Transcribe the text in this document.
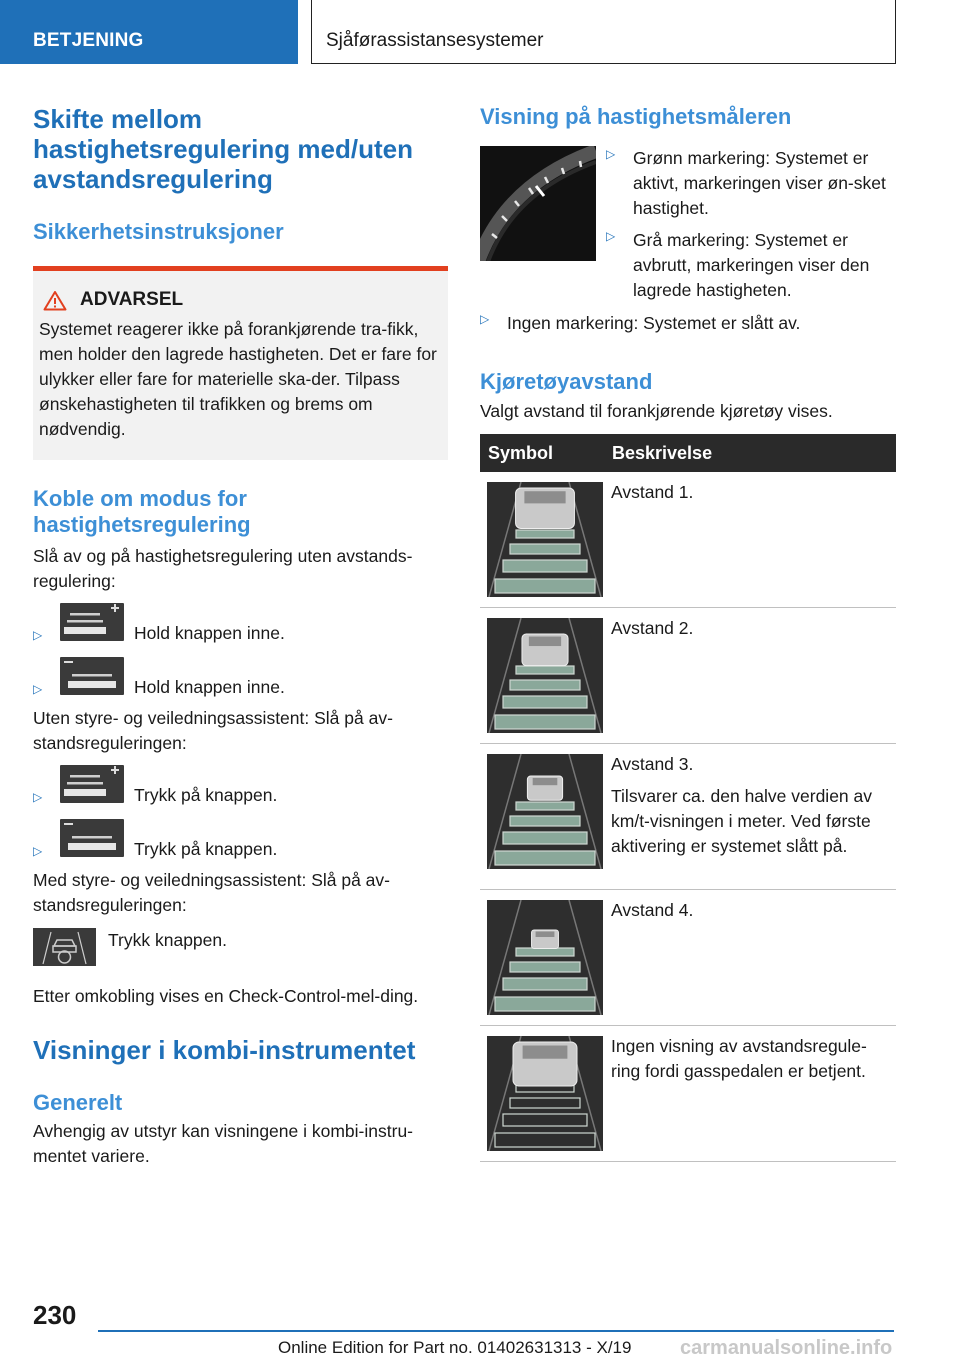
BETJENING	Sjåførassistansesystemer
Skifte mellom hastighetsregulering med/uten avstandsregulering
Sikkerhetsinstruksjoner
ADVARSEL
Systemet reagerer ikke på forankjørende tra-fikk, men holder den lagrede hastigheten. Det er fare for ulykker eller fare for materielle ska-der. Tilpass ønskehastigheten til trafikken og brems om nødvendig.
Koble om modus for hastighetsregulering
Slå av og på hastighetsregulering uten avstands-regulering:
▷	Hold knappen inne.
▷	Hold knappen inne.
Uten styre- og veiledningsassistent: Slå på av-standsreguleringen:
▷	Trykk på knappen.
▷	Trykk på knappen.
Med styre- og veiledningsassistent: Slå på av-standsreguleringen:
Trykk knappen.
Etter omkobling vises en Check-Control-mel-ding.
Visninger i kombi-instrumentet
Generelt
Avhengig av utstyr kan visningene i kombi-instru-mentet variere.
Visning på hastighetsmåleren
▷	Grønn markering: Systemet er aktivt, markeringen viser øn-sket hastighet.
▷	Grå markering: Systemet er avbrutt, markeringen viser den lagrede hastigheten.
▷	Ingen markering: Systemet er slått av.
Kjøretøyavstand
Valgt avstand til forankjørende kjøretøy vises.
Symbol	Beskrivelse
Avstand 1.
Avstand 2.
Avstand 3.
Tilsvarer ca. den halve verdien av km/t-visningen i meter. Ved første aktivering er systemet slått på.
Avstand 4.
Ingen visning av avstandsregule-ring fordi gasspedalen er betjent.
230
Online Edition for Part no. 01402631313 - X/19 carmanualsonline.info
